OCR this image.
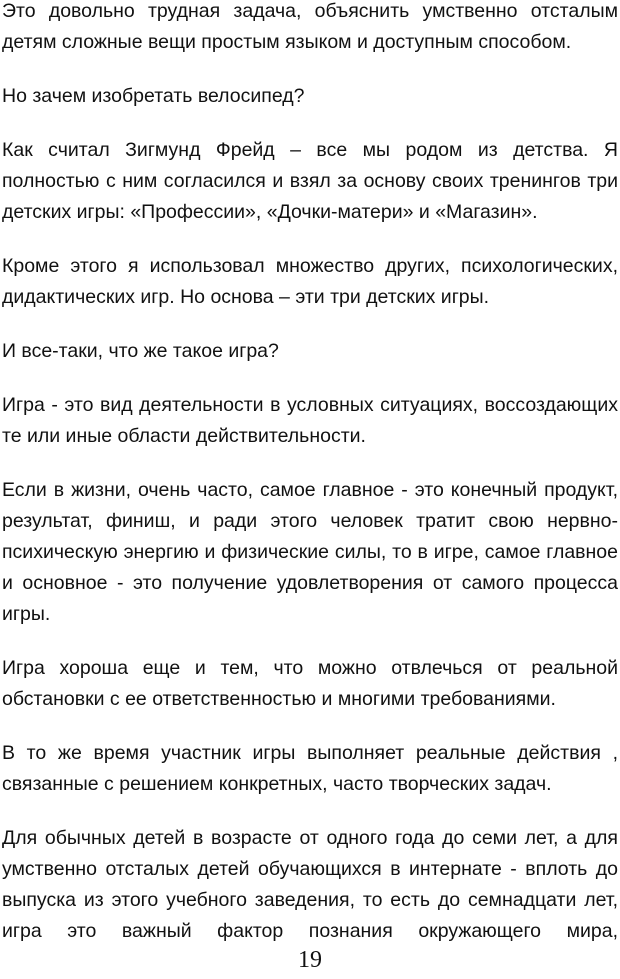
Это довольно трудная задача, объяснить умственно отсталым детям сложные вещи простым языком и доступным способом.

Но зачем изобретать велосипед?

Как считал Зигмунд Фрейд – все мы родом из детства. Я полностью с ним согласился и взял за основу своих тренингов три детских игры: «Профессии», «Дочки-матери» и «Магазин».

Кроме этого я использовал множество других, психологических, дидактических игр. Но основа – эти три детских игры.

И все-таки, что же такое игра?

Игра - это вид деятельности в условных ситуациях, воссоздающих те или иные области действительности.

Если в жизни, очень часто, самое главное - это конечный продукт, результат, финиш, и ради этого человек тратит свою нервно-психическую энергию и физические силы, то в игре, самое главное и основное - это получение удовлетворения от самого процесса игры.

Игра хороша еще и тем, что можно отвлечься от реальной обстановки с ее ответственностью и многими требованиями.

В то же время участник игры выполняет реальные действия , связанные с решением конкретных, часто творческих задач.

Для обычных детей в возрасте от одного года до семи лет, а для умственно отсталых детей обучающихся в интернате - вплоть до выпуска из этого учебного заведения, то есть до семнадцати лет, игра это важный фактор познания окружающего мира,

19
